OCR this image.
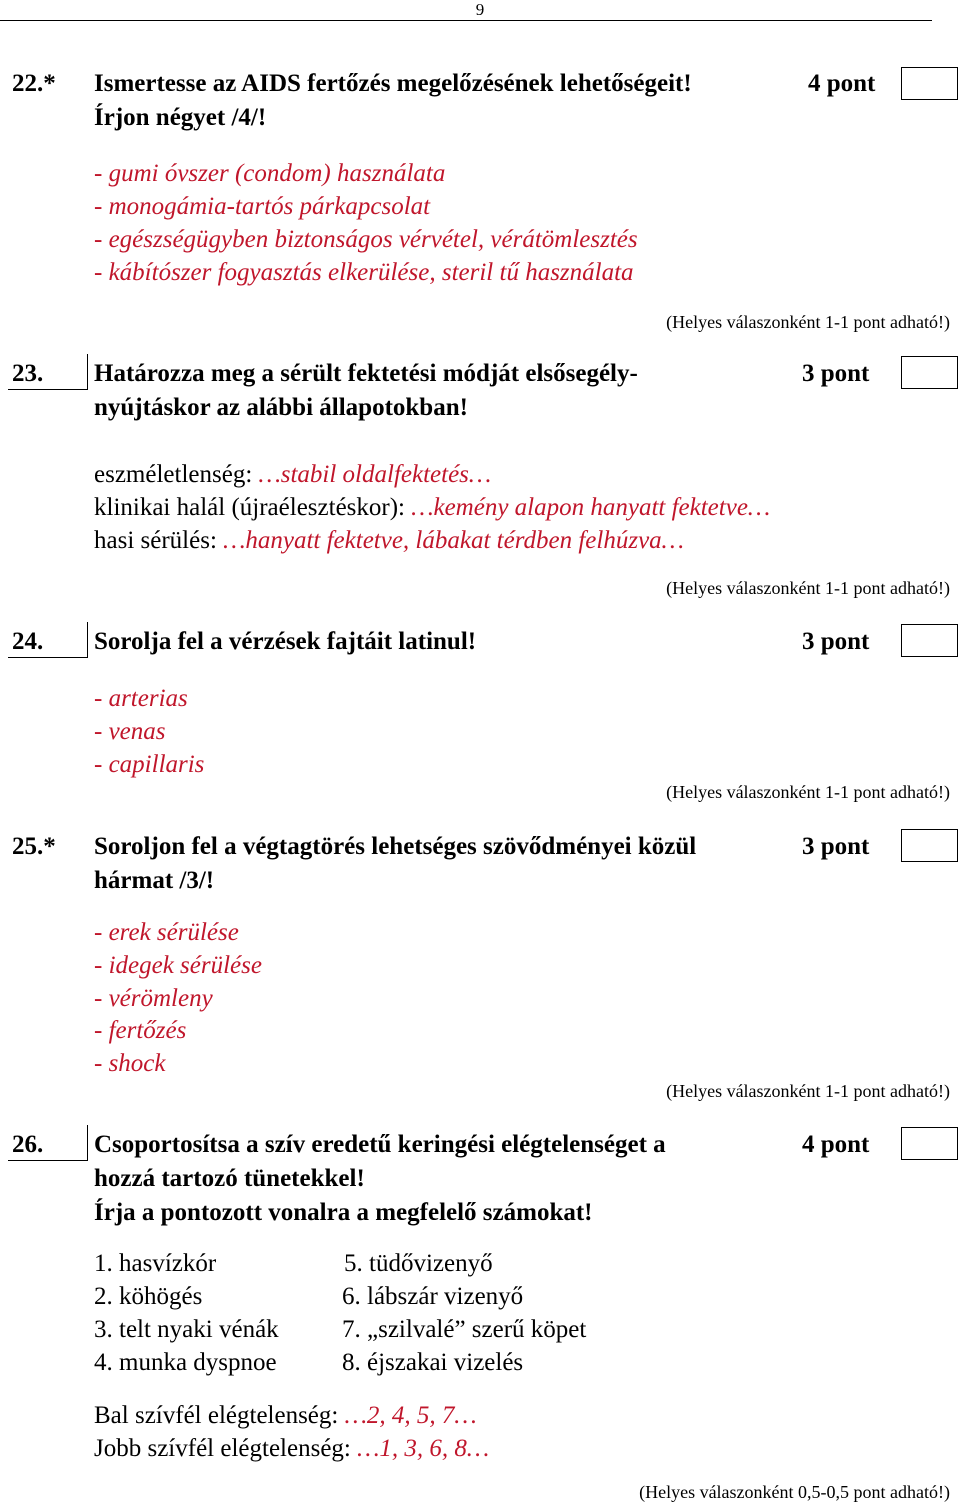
9
22.* Ismertesse az AIDS fertőzés megelőzésének lehetőségeit!
Írjon négyet /4/!
4 pont
- gumi óvszer (condom) használata
- monogámia-tartós párkapcsolat
- egészségügyben biztonságos vérvétel, vérátömlesztés
- kábítószer fogyasztás elkerülése, steril tű használata
(Helyes válaszonként 1-1 pont adható!)
23. Határozza meg a sérült fektetési módját elsősegély-
nyújtáskor az alábbi állapotokban!
3 pont
eszméletlenség: …stabil oldalfektetés…
klinikai halál (újraélesztéskor): …kemény alapon hanyatt fektetve…
hasi sérülés: …hanyatt fektetve, lábakat térdben felhúzva…
(Helyes válaszonként 1-1 pont adható!)
24. Sorolja fel a vérzések fajtáit latinul!	3 pont
- arterias
- venas
- capillaris
(Helyes válaszonként 1-1 pont adható!)
25.* Soroljon fel a végtagtörés lehetséges szövődményei közül
hármat /3/!
3 pont
- erek sérülése
- idegek sérülése
- vérömleny
- fertőzés
- shock
(Helyes válaszonként 1-1 pont adható!)
26. Csoportosítsa a szív eredetű keringési elégtelenséget a
hozzá tartozó tünetekkel!
Írja a pontozott vonalra a megfelelő számokat!
4 pont
1. hasvízkór
2. köhögés
3. telt nyaki vénák
4. munka dyspnoe
5. tüdővizenyő
6. lábszár vizenyő
7. „szilvalé” szerű köpet
8. éjszakai vizelés
Bal szívfél elégtelenség: …2, 4, 5, 7…
Jobb szívfél elégtelenség: …1, 3, 6, 8…
(Helyes válaszonként 0,5-0,5 pont adható!)
